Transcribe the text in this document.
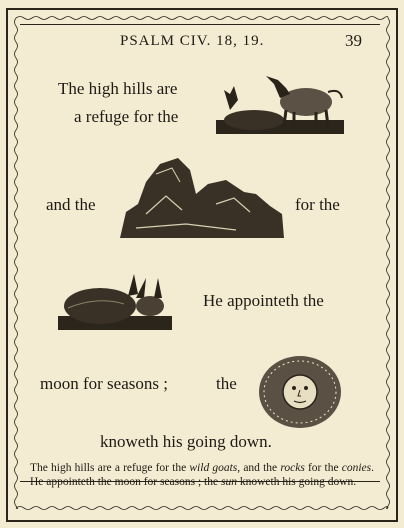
PSALM CIV. 18, 19.	39
The high hills are
a refuge for the
and the	for the
He appointeth the
moon for seasons ;	the
knoweth his going down.
The high hills are a refuge for the wild goats, and the rocks for the conies. He appointeth the moon for seasons ; the sun knoweth his going down.
